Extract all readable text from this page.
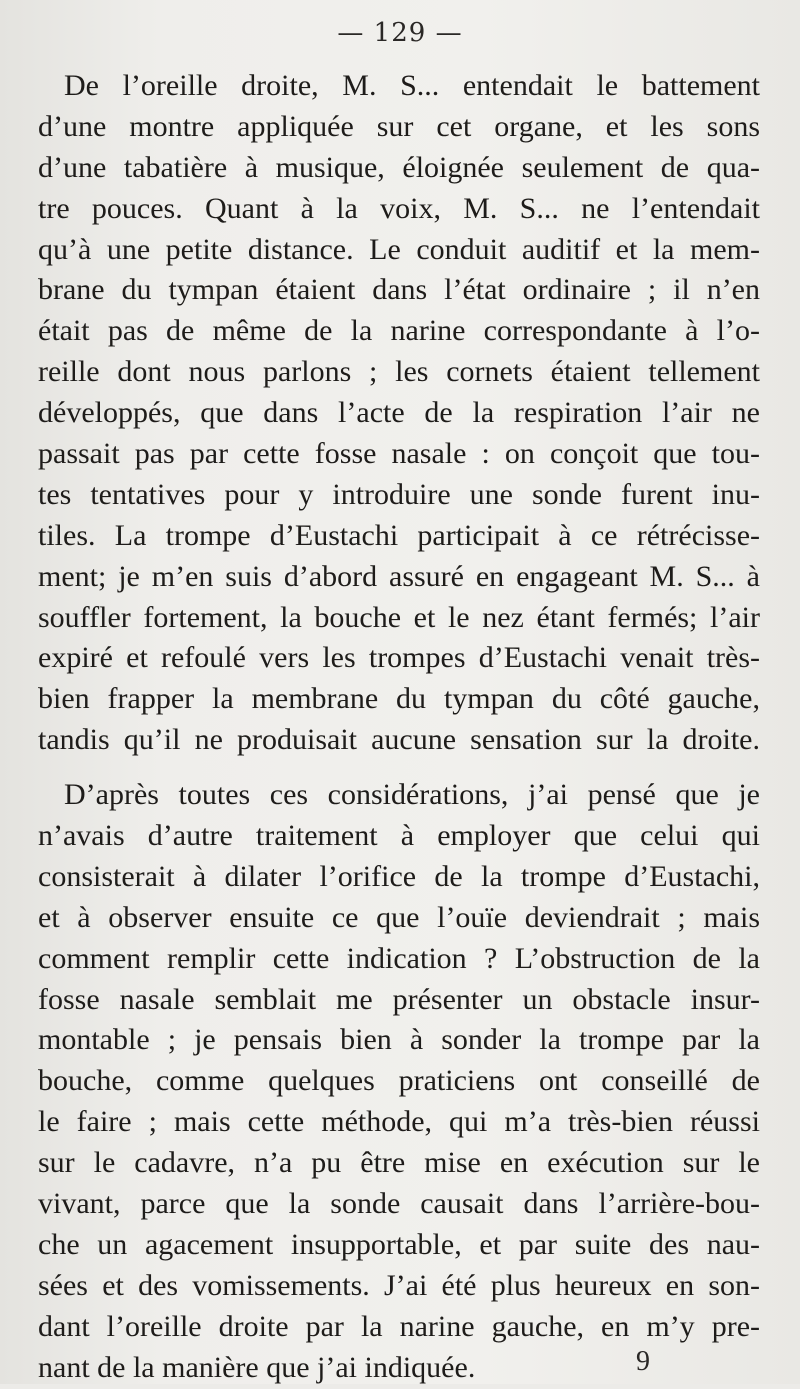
— 129 —
De l’oreille droite, M. S... entendait le battement
d’une montre appliquée sur cet organe, et les sons
d’une tabatière à musique, éloignée seulement de qua-
tre pouces. Quant à la voix, M. S... ne l’entendait
qu’à une petite distance. Le conduit auditif et la mem-
brane du tympan étaient dans l’état ordinaire ; il n’en
était pas de même de la narine correspondante à l’o-
reille dont nous parlons ; les cornets étaient tellement
développés, que dans l’acte de la respiration l’air ne
passait pas par cette fosse nasale : on conçoit que tou-
tes tentatives pour y introduire une sonde furent inu-
tiles. La trompe d’Eustachi participait à ce rétrécisse-
ment; je m’en suis d’abord assuré en engageant M. S... à
souffler fortement, la bouche et le nez étant fermés; l’air
expiré et refoulé vers les trompes d’Eustachi venait très-
bien frapper la membrane du tympan du côté gauche,
tandis qu’il ne produisait aucune sensation sur la droite.
D’après toutes ces considérations, j’ai pensé que je
n’avais d’autre traitement à employer que celui qui
consisterait à dilater l’orifice de la trompe d’Eustachi,
et à observer ensuite ce que l’ouïe deviendrait ; mais
comment remplir cette indication ? L’obstruction de la
fosse nasale semblait me présenter un obstacle insur-
montable ; je pensais bien à sonder la trompe par la
bouche, comme quelques praticiens ont conseillé de
le faire ; mais cette méthode, qui m’a très-bien réussi
sur le cadavre, n’a pu être mise en exécution sur le
vivant, parce que la sonde causait dans l’arrière-bou-
che un agacement insupportable, et par suite des nau-
sées et des vomissements. J’ai été plus heureux en son-
dant l’oreille droite par la narine gauche, en m’y pre-
nant de la manière que j’ai indiquée.	9
